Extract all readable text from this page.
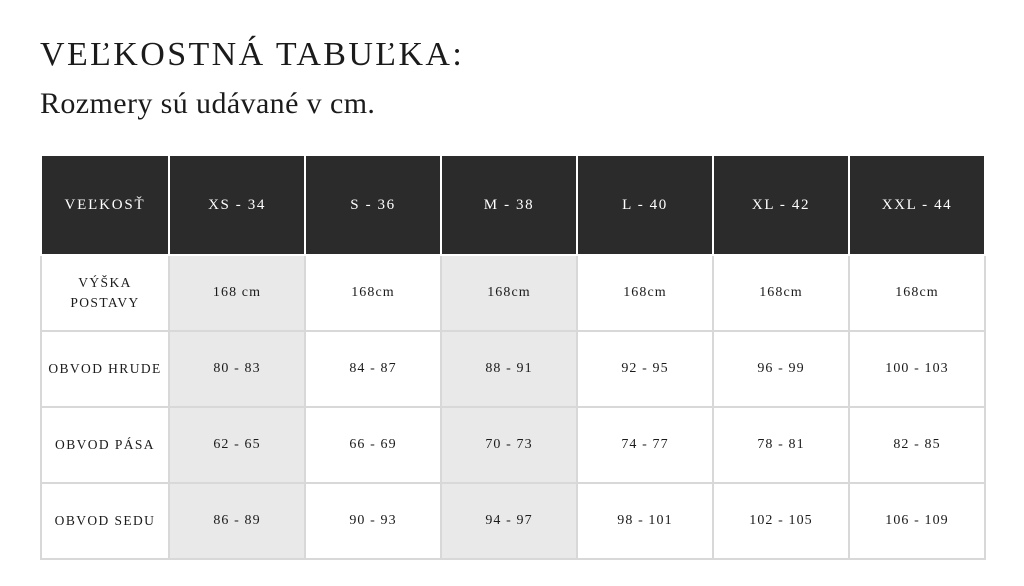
VEĽKOSTNÁ TABUĽKA:
Rozmery sú udávané v cm.
VEĽKOSŤ	XS - 34	S - 36	M - 38	L - 40	XL - 42	XXL - 44
VÝŠKA POSTAVY	168 cm	168cm	168cm	168cm	168cm	168cm
OBVOD HRUDE	80 - 83	84 - 87	88 - 91	92 - 95	96 - 99	100 - 103
OBVOD PÁSA	62 - 65	66 - 69	70 - 73	74 - 77	78 - 81	82 - 85
OBVOD SEDU	86 - 89	90 - 93	94 - 97	98 - 101	102 - 105	106 - 109
